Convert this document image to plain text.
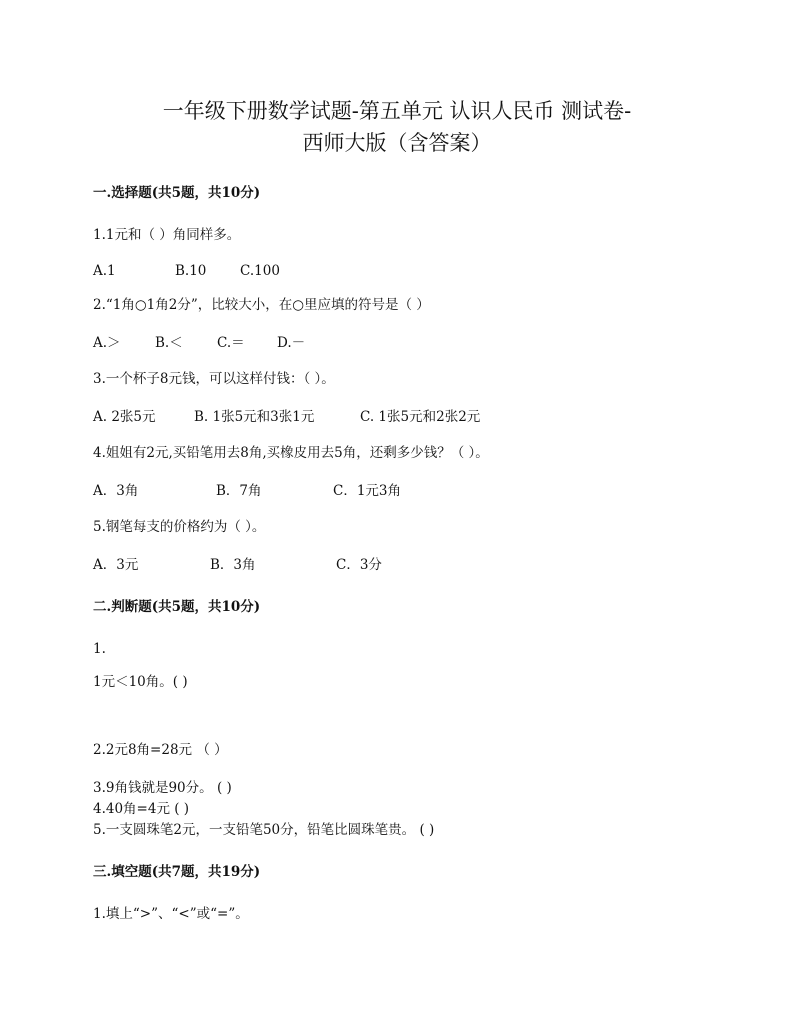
一年级下册数学试题-第五单元 认识人民币 测试卷-
西师大版（含答案）
一.选择题(共5题，共10分)
1.1元和（ ）角同样多。
A.1	B.10 C.100
2.“1角○1角2分”，比较大小，在○里应填的符号是（ ）
A.＞	B.＜	C.＝ D.－
3.一个杯子8元钱，可以这样付钱：（ ）。
A. 2张5元	B. 1张5元和3张1元	C. 1张5元和2张2元
4.姐姐有2元,买铅笔用去8角,买橡皮用去5角，还剩多少钱？（ ）。
A．3角	B．7角	C．1元3角
5.钢笔每支的价格约为（ ）。
A．3元	B．3角	C．3分
二.判断题(共5题，共10分)
1.
1元＜10角。( )
2.2元8角=28元 （ ）
3.9角钱就是90分。 ( )
4.40角=4元 ( )
5.一支圆珠笔2元，一支铅笔50分，铅笔比圆珠笔贵。 ( )
三.填空题(共7题，共19分)
1.填上“>”、“<”或“=”。
